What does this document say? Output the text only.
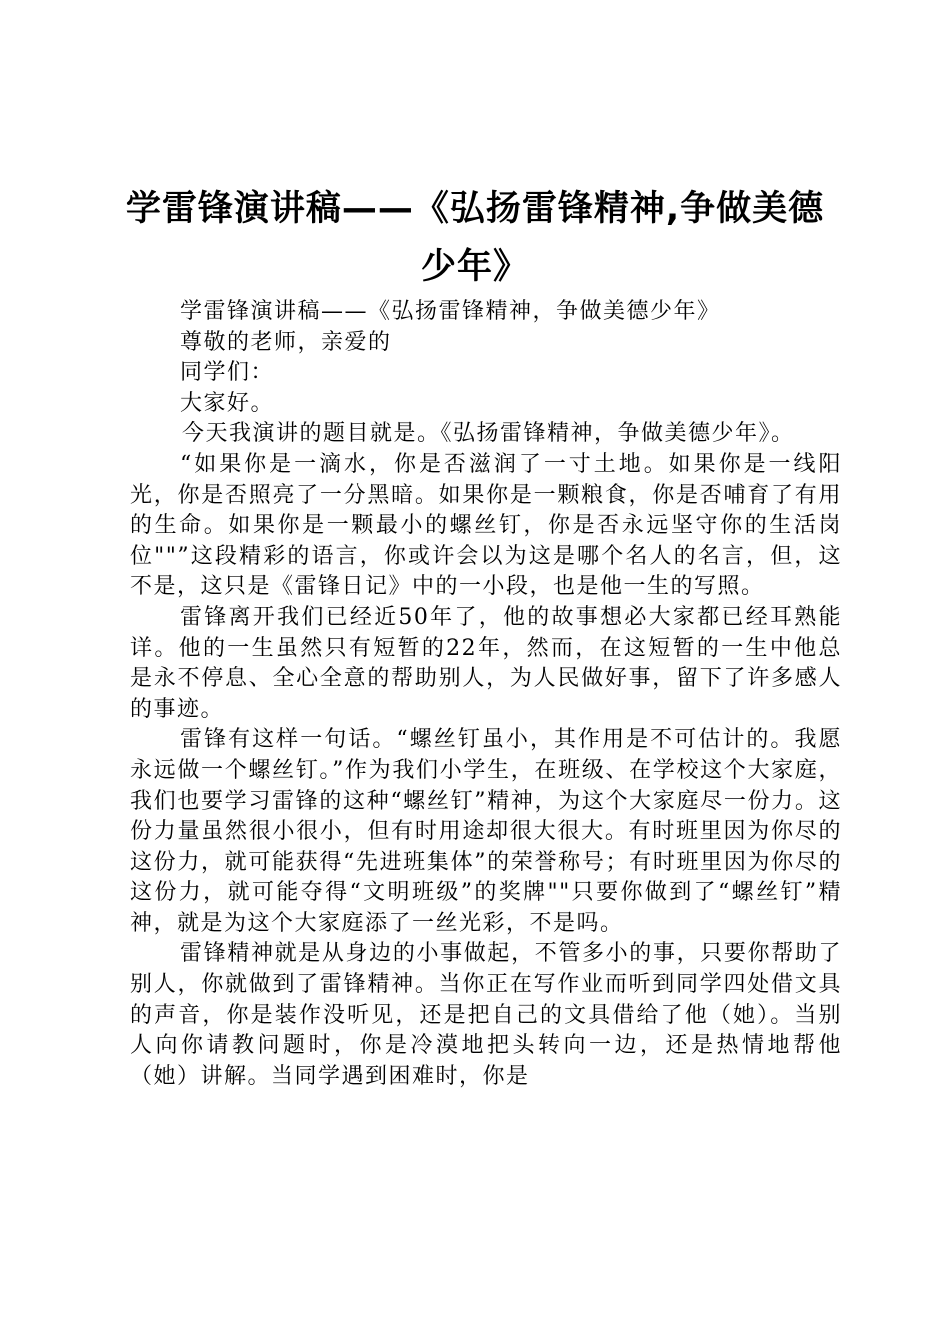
学雷锋演讲稿——《弘扬雷锋精神,争做美德
少年》

学雷锋演讲稿——《弘扬雷锋精神，争做美德少年》

尊敬的老师，亲爱的

同学们：

大家好。

今天我演讲的题目就是。《弘扬雷锋精神，争做美德少年》。

“如果你是一滴水，你是否滋润了一寸土地。如果你是一线阳光，你是否照亮了一分黑暗。如果你是一颗粮食，你是否哺育了有用的生命。如果你是一颗最小的螺丝钉，你是否永远坚守你的生活岗位""”这段精彩的语言，你或许会以为这是哪个名人的名言，但，这不是，这只是《雷锋日记》中的一小段，也是他一生的写照。

雷锋离开我们已经近50年了，他的故事想必大家都已经耳熟能详。他的一生虽然只有短暂的22年，然而，在这短暂的一生中他总是永不停息、全心全意的帮助别人，为人民做好事，留下了许多感人的事迹。

雷锋有这样一句话。“螺丝钉虽小，其作用是不可估计的。我愿永远做一个螺丝钉。”作为我们小学生，在班级、在学校这个大家庭，我们也要学习雷锋的这种“螺丝钉”精神，为这个大家庭尽一份力。这份力量虽然很小很小，但有时用途却很大很大。有时班里因为你尽的这份力，就可能获得“先进班集体”的荣誉称号；有时班里因为你尽的这份力，就可能夺得“文明班级”的奖牌""只要你做到了“螺丝钉”精神，就是为这个大家庭添了一丝光彩，不是吗。

雷锋精神就是从身边的小事做起，不管多小的事，只要你帮助了别人，你就做到了雷锋精神。当你正在写作业而听到同学四处借文具的声音，你是装作没听见，还是把自己的文具借给了他（她）。当别人向你请教问题时，你是冷漠地把头转向一边，还是热情地帮他（她）讲解。当同学遇到困难时，你是
